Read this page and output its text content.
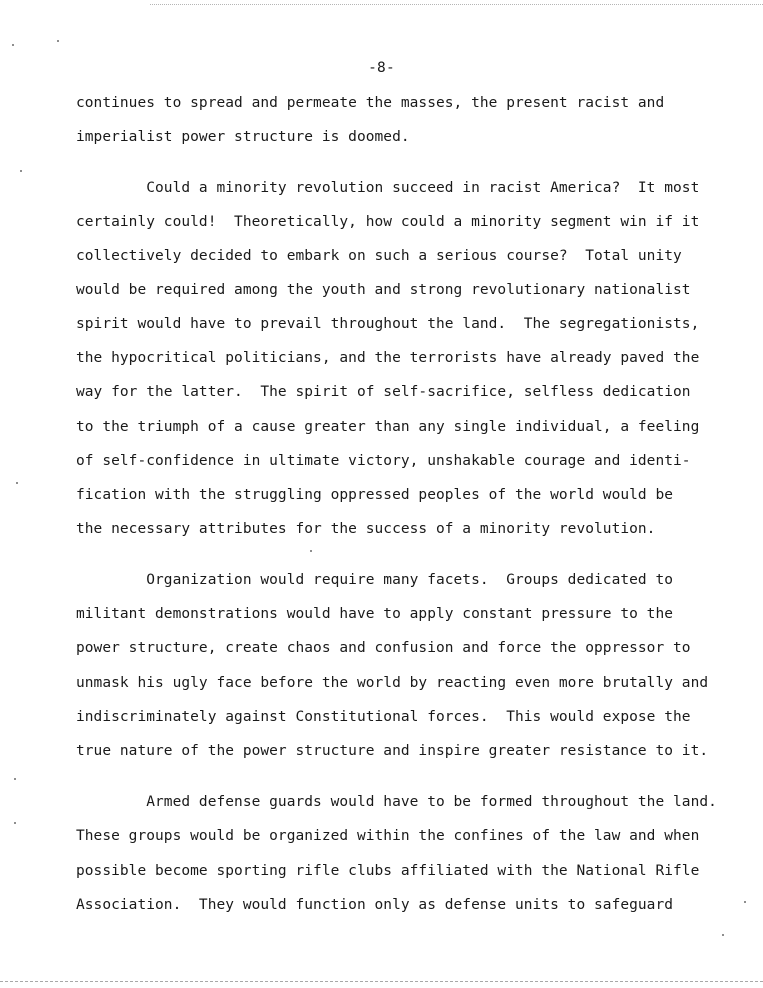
-8-
continues to spread and permeate the masses, the present racist and
imperialist power structure is doomed.
Could a minority revolution succeed in racist America?  It most
certainly could!  Theoretically, how could a minority segment win if it
collectively decided to embark on such a serious course?  Total unity
would be required among the youth and strong revolutionary nationalist
spirit would have to prevail throughout the land.  The segregationists,
the hypocritical politicians, and the terrorists have already paved the
way for the latter.  The spirit of self-sacrifice, selfless dedication
to the triumph of a cause greater than any single individual, a feeling
of self-confidence in ultimate victory, unshakable courage and identi-
fication with the struggling oppressed peoples of the world would be
the necessary attributes for the success of a minority revolution.
Organization would require many facets.  Groups dedicated to
militant demonstrations would have to apply constant pressure to the
power structure, create chaos and confusion and force the oppressor to
unmask his ugly face before the world by reacting even more brutally and
indiscriminately against Constitutional forces.  This would expose the
true nature of the power structure and inspire greater resistance to it.
Armed defense guards would have to be formed throughout the land.
These groups would be organized within the confines of the law and when
possible become sporting rifle clubs affiliated with the National Rifle
Association.  They would function only as defense units to safeguard
